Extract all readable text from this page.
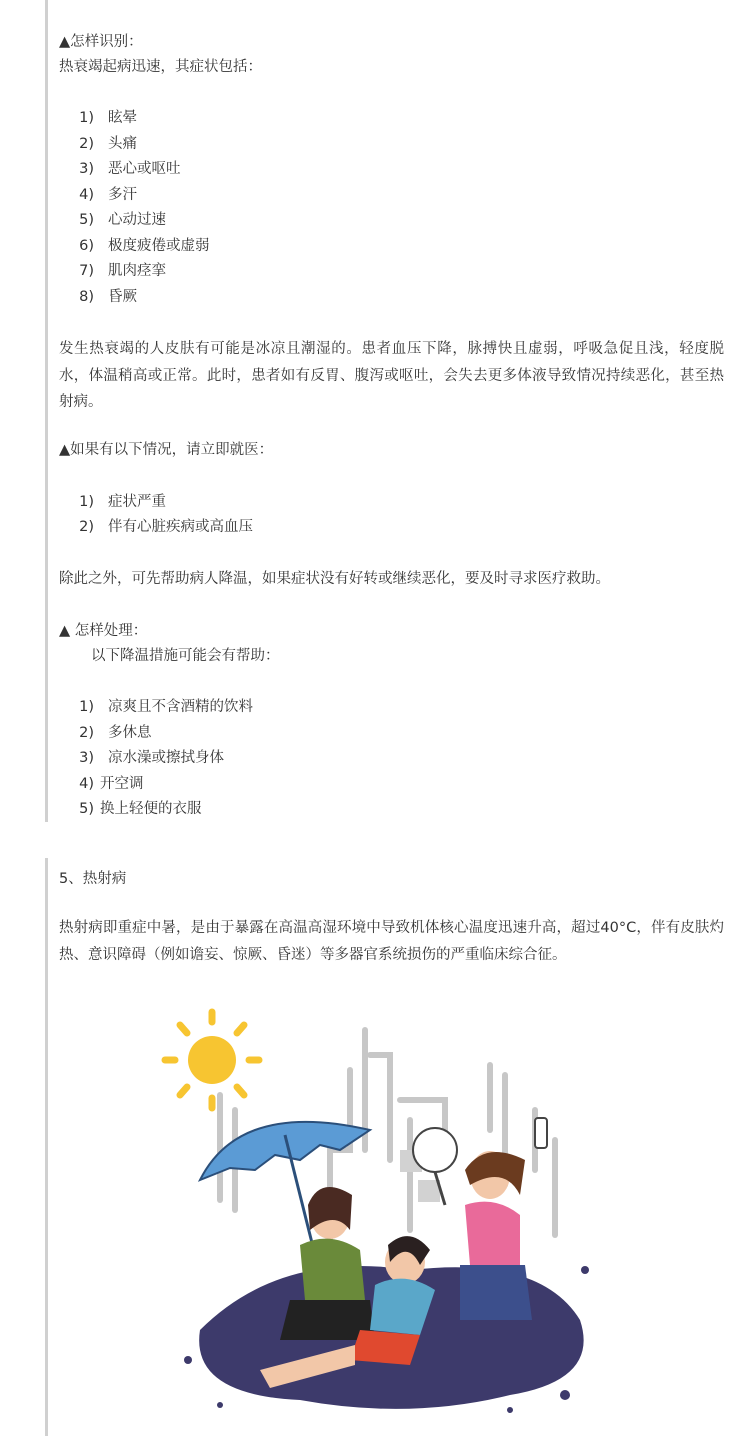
▲怎样识别：
热衰竭起病迅速，其症状包括：
1) 眩晕
2) 头痛
3) 恶心或呕吐
4) 多汗
5) 心动过速
6) 极度疲倦或虚弱
7) 肌肉痉挛
8) 昏厥
发生热衰竭的人皮肤有可能是冰凉且潮湿的。患者血压下降，脉搏快且虚弱，呼吸急促且浅，轻度脱水，体温稍高或正常。此时，患者如有反胃、腹泻或呕吐，会失去更多体液导致情况持续恶化，甚至热射病。
▲如果有以下情况，请立即就医：
1) 症状严重
2) 伴有心脏疾病或高血压
除此之外，可先帮助病人降温，如果症状没有好转或继续恶化，要及时寻求医疗救助。
▲ 怎样处理：
以下降温措施可能会有帮助：
1) 凉爽且不含酒精的饮料
2) 多休息
3) 凉水澡或擦拭身体
4) 开空调
5) 换上轻便的衣服
5、热射病
热射病即重症中暑，是由于暴露在高温高湿环境中导致机体核心温度迅速升高，超过40°C，伴有皮肤灼热、意识障碍（例如谵妄、惊厥、昏迷）等多器官系统损伤的严重临床综合征。
